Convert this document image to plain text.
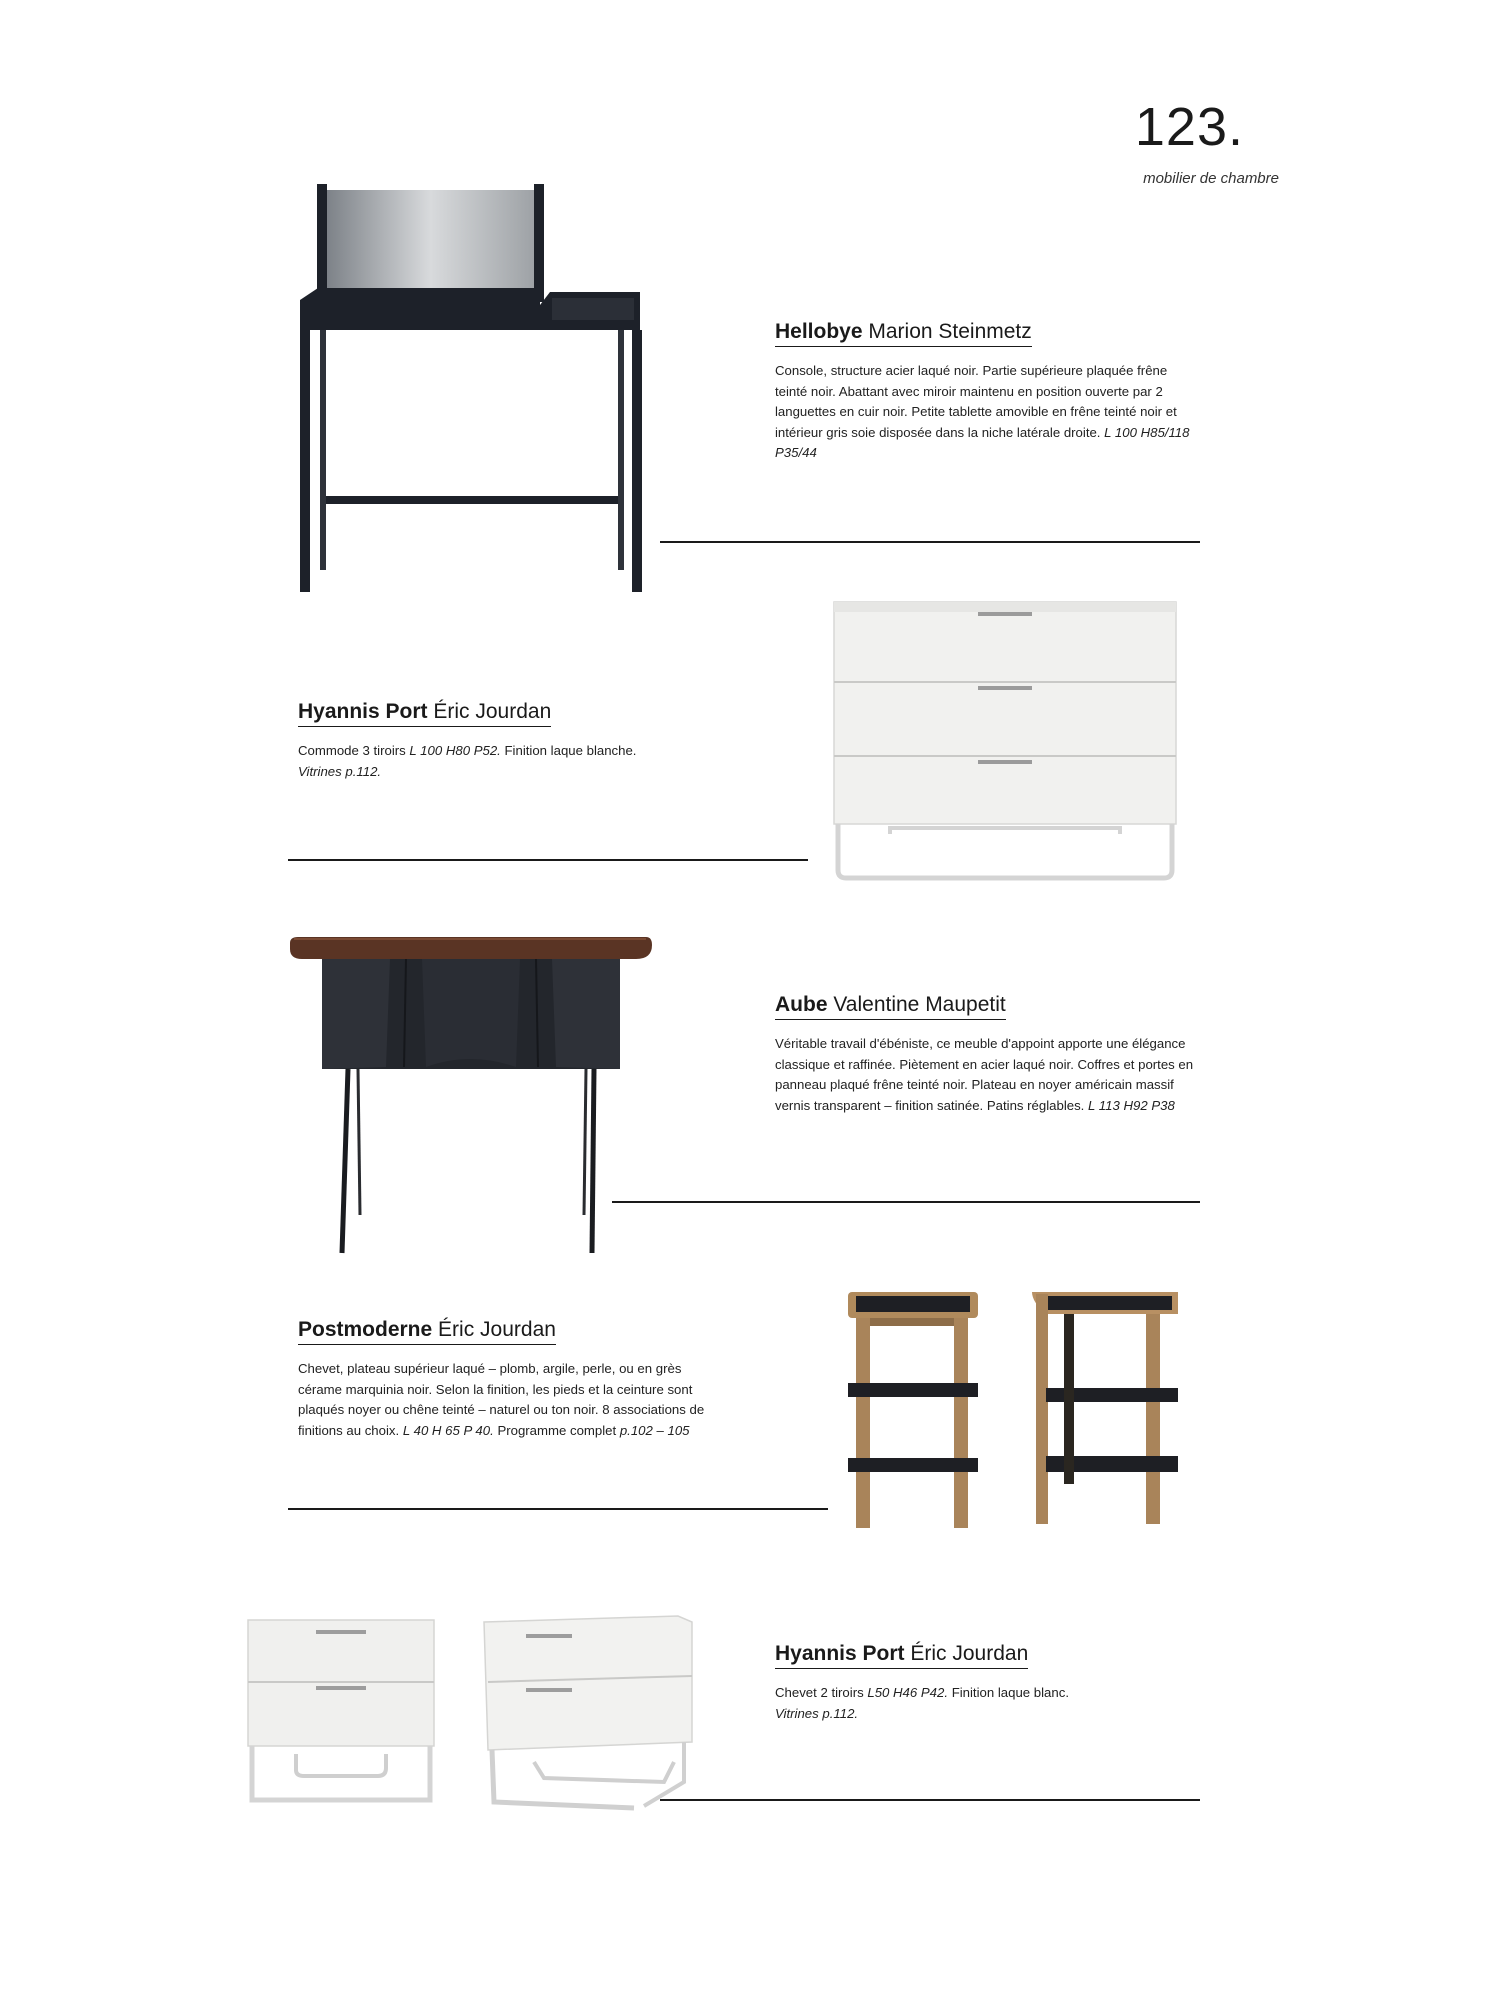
123.
mobilier de chambre
Hellobye Marion Steinmetz

Console, structure acier laqué noir. Partie supérieure plaquée frêne teinté noir. Abattant avec miroir maintenu en position ouverte par 2 languettes en cuir noir. Petite tablette amovible en frêne teinté noir et intérieur gris soie disposée dans la niche latérale droite. L 100 H85/118 P35/44

Hyannis Port Éric Jourdan

Commode 3 tiroirs L 100 H80 P52. Finition laque blanche.
Vitrines p.112.

Aube Valentine Maupetit

Véritable travail d'ébéniste, ce meuble d'appoint apporte une élégance classique et raffinée. Piètement en acier laqué noir. Coffres et portes en panneau plaqué frêne teinté noir. Plateau en noyer américain massif vernis transparent – finition satinée. Patins réglables. L 113 H92 P38

Postmoderne Éric Jourdan

Chevet, plateau supérieur laqué – plomb, argile, perle, ou en grès cérame marquinia noir. Selon la finition, les pieds et la ceinture sont plaqués noyer ou chêne teinté – naturel ou ton noir. 8 associations de finitions au choix. L 40 H 65 P 40. Programme complet p.102 – 105

Hyannis Port Éric Jourdan

Chevet 2 tiroirs L50 H46 P42. Finition laque blanc.
Vitrines p.112.
